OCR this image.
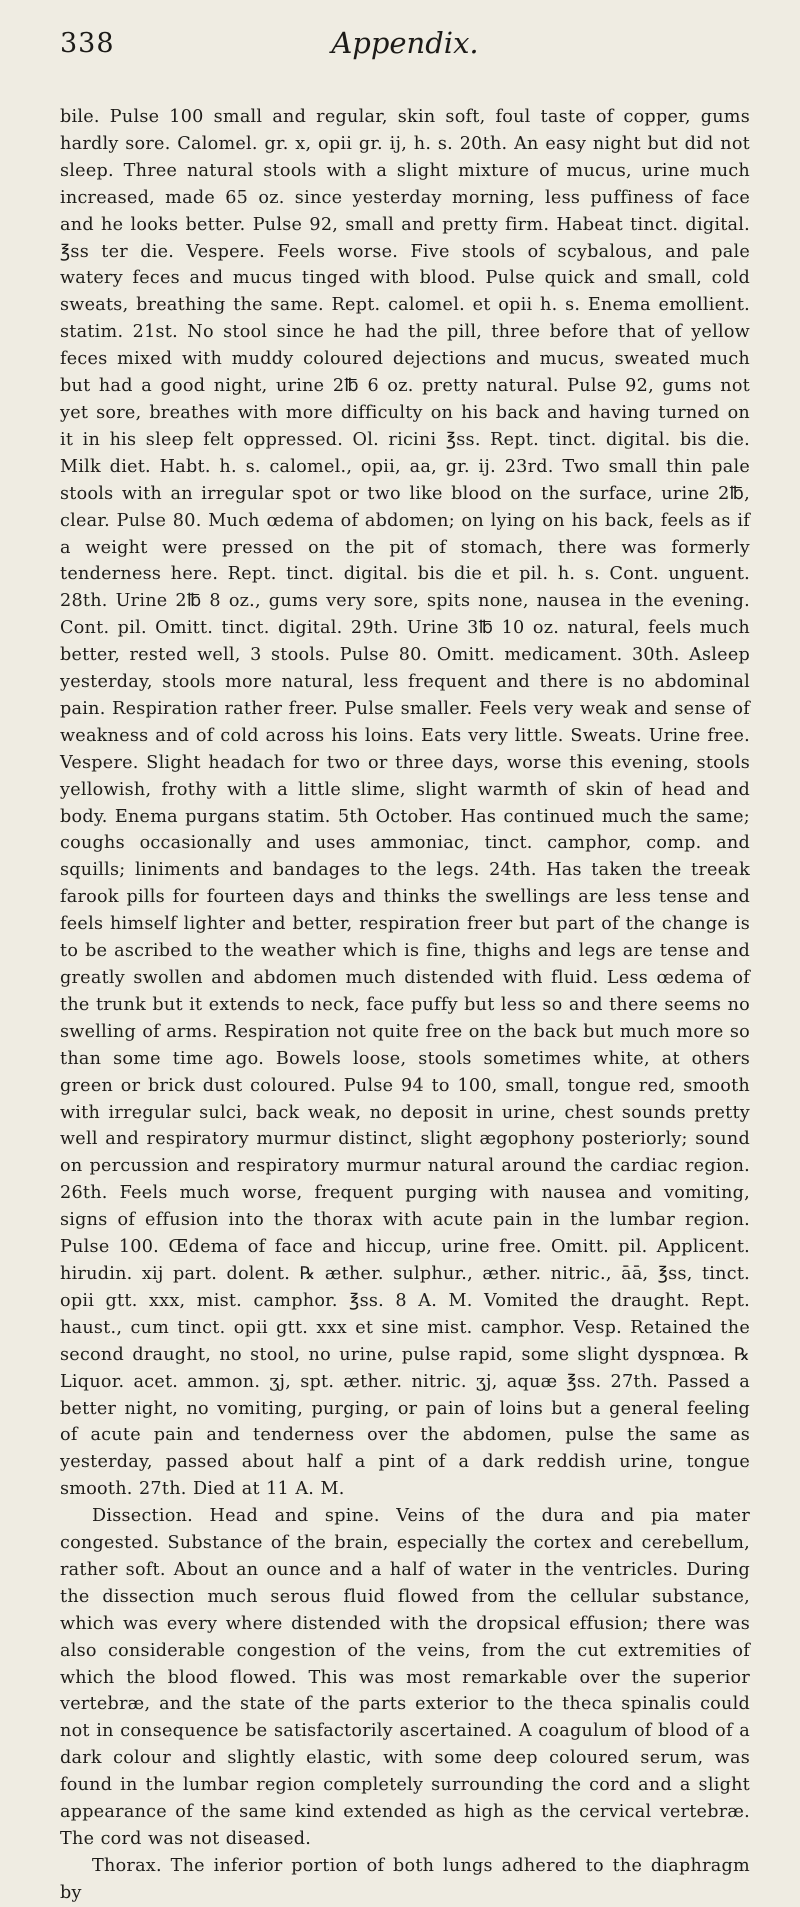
338	Appendix.

bile. Pulse 100 small and regular, skin soft, foul taste of copper, gums hardly sore. Calomel. gr. x, opii gr. ij, h. s. 20th. An easy night but did not sleep. Three natural stools with a slight mixture of mucus, urine much increased, made 65 oz. since yesterday morning, less puffiness of face and he looks better. Pulse 92, small and pretty firm. Habeat tinct. digital. ℥ss ter die. Vespere. Feels worse. Five stools of scybalous, and pale watery feces and mucus tinged with blood. Pulse quick and small, cold sweats, breathing the same. Rept. calomel. et opii h. s. Enema emollient. statim. 21st. No stool since he had the pill, three before that of yellow feces mixed with muddy coloured dejections and mucus, sweated much but had a good night, urine 2℔ 6 oz. pretty natural. Pulse 92, gums not yet sore, breathes with more difficulty on his back and having turned on it in his sleep felt oppressed. Ol. ricini ℥ss. Rept. tinct. digital. bis die. Milk diet. Habt. h. s. calomel., opii, aa, gr. ij. 23rd. Two small thin pale stools with an irregular spot or two like blood on the surface, urine 2℔, clear. Pulse 80. Much œdema of abdomen; on lying on his back, feels as if a weight were pressed on the pit of stomach, there was formerly tenderness here. Rept. tinct. digital. bis die et pil. h. s. Cont. unguent. 28th. Urine 2℔ 8 oz., gums very sore, spits none, nausea in the evening. Cont. pil. Omitt. tinct. digital. 29th. Urine 3℔ 10 oz. natural, feels much better, rested well, 3 stools. Pulse 80. Omitt. medicament. 30th. Asleep yesterday, stools more natural, less frequent and there is no abdominal pain. Respiration rather freer. Pulse smaller. Feels very weak and sense of weakness and of cold across his loins. Eats very little. Sweats. Urine free. Vespere. Slight headach for two or three days, worse this evening, stools yellowish, frothy with a little slime, slight warmth of skin of head and body. Enema purgans statim. 5th October. Has continued much the same; coughs occasionally and uses ammoniac, tinct. camphor, comp. and squills; liniments and bandages to the legs. 24th. Has taken the treeak farook pills for fourteen days and thinks the swellings are less tense and feels himself lighter and better, respiration freer but part of the change is to be ascribed to the weather which is fine, thighs and legs are tense and greatly swollen and abdomen much distended with fluid. Less œdema of the trunk but it extends to neck, face puffy but less so and there seems no swelling of arms. Respiration not quite free on the back but much more so than some time ago. Bowels loose, stools sometimes white, at others green or brick dust coloured. Pulse 94 to 100, small, tongue red, smooth with irregular sulci, back weak, no deposit in urine, chest sounds pretty well and respiratory murmur distinct, slight ægophony posteriorly; sound on percussion and respiratory murmur natural around the cardiac region. 26th. Feels much worse, frequent purging with nausea and vomiting, signs of effusion into the thorax with acute pain in the lumbar region. Pulse 100. Œdema of face and hiccup, urine free. Omitt. pil. Applicent. hirudin. xij part. dolent. ℞ æther. sulphur., æther. nitric., āā, ℥ss, tinct. opii gtt. xxx, mist. camphor. ℥ss. 8 A. M. Vomited the draught. Rept. haust., cum tinct. opii gtt. xxx et sine mist. camphor. Vesp. Retained the second draught, no stool, no urine, pulse rapid, some slight dyspnœa. ℞ Liquor. acet. ammon. ʒj, spt. æther. nitric. ʒj, aquæ ℥ss. 27th. Passed a better night, no vomiting, purging, or pain of loins but a general feeling of acute pain and tenderness over the abdomen, pulse the same as yesterday, passed about half a pint of a dark reddish urine, tongue smooth. 27th. Died at 11 A. M.

Dissection. Head and spine. Veins of the dura and pia mater congested. Substance of the brain, especially the cortex and cerebellum, rather soft. About an ounce and a half of water in the ventricles. During the dissection much serous fluid flowed from the cellular substance, which was every where distended with the dropsical effusion; there was also considerable congestion of the veins, from the cut extremities of which the blood flowed. This was most remarkable over the superior vertebræ, and the state of the parts exterior to the theca spinalis could not in consequence be satisfactorily ascertained. A coagulum of blood of a dark colour and slightly elastic, with some deep coloured serum, was found in the lumbar region completely surrounding the cord and a slight appearance of the same kind extended as high as the cervical vertebræ. The cord was not diseased.

Thorax. The inferior portion of both lungs adhered to the diaphragm by
